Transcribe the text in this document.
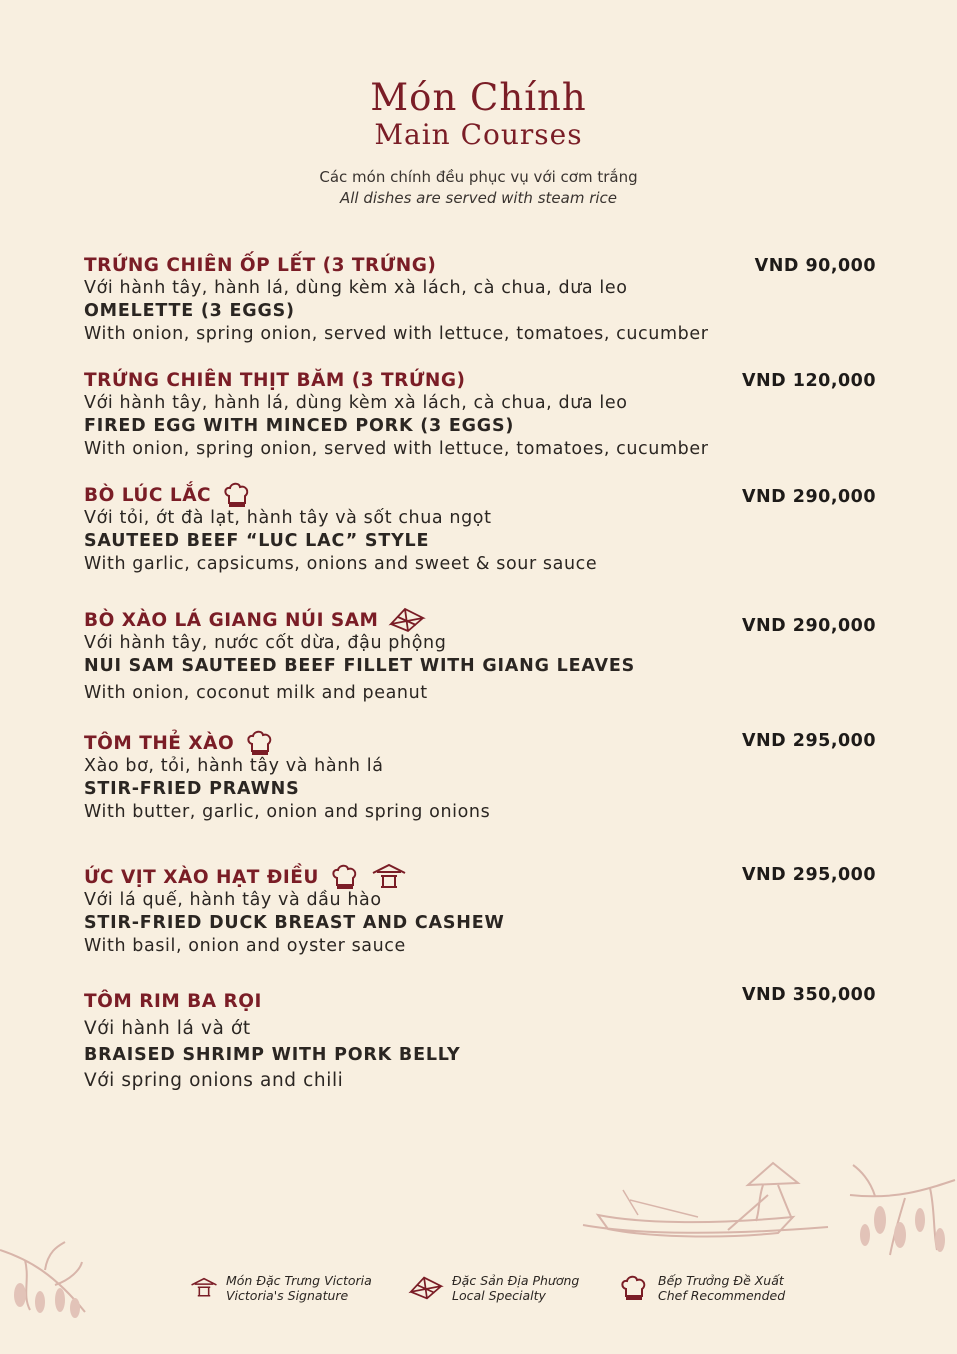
Món Chính
Main Courses
Các món chính đều phục vụ với cơm trắng
All dishes are served with steam rice
TRỨNG CHIÊN ỐP LẾT (3 TRỨNG)
Với hành tây, hành lá, dùng kèm xà lách, cà chua, dưa leo
OMELETTE (3 EGGS)
With onion, spring onion, served with lettuce, tomatoes, cucumber
VND 90,000
TRỨNG CHIÊN THỊT BĂM (3 TRỨNG)
Với hành tây, hành lá, dùng kèm xà lách, cà chua, dưa leo
FIRED EGG WITH MINCED PORK (3 EGGS)
With onion, spring onion, served with lettuce, tomatoes, cucumber
VND 120,000
BÒ LÚC LẮC
Với tỏi, ớt đà lạt, hành tây và sốt chua ngọt
SAUTEED BEEF “LUC LAC” STYLE
With garlic, capsicums, onions and sweet & sour sauce
VND 290,000
BÒ XÀO LÁ GIANG NÚI SAM
Với hành tây, nước cốt dừa, đậu phộng
NUI SAM SAUTEED BEEF FILLET WITH GIANG LEAVES
With onion, coconut milk and peanut
VND 290,000
TÔM THẺ XÀO
Xào bơ, tỏi, hành tây và hành lá
STIR-FRIED PRAWNS
With butter, garlic, onion and spring onions
VND 295,000
ỨC VỊT XÀO HẠT ĐIỀU
Với lá quế, hành tây và dầu hào
STIR-FRIED DUCK BREAST AND CASHEW
With basil, onion and oyster sauce
VND 295,000
TÔM RIM BA RỌI
Với hành lá và ớt
BRAISED SHRIMP WITH PORK BELLY
Với spring onions and chili
VND 350,000
Món Đặc Trưng Victoria
Victoria's Signature
Đặc Sản Địa Phương
Local Specialty
Bếp Trưởng Đề Xuất
Chef Recommended
